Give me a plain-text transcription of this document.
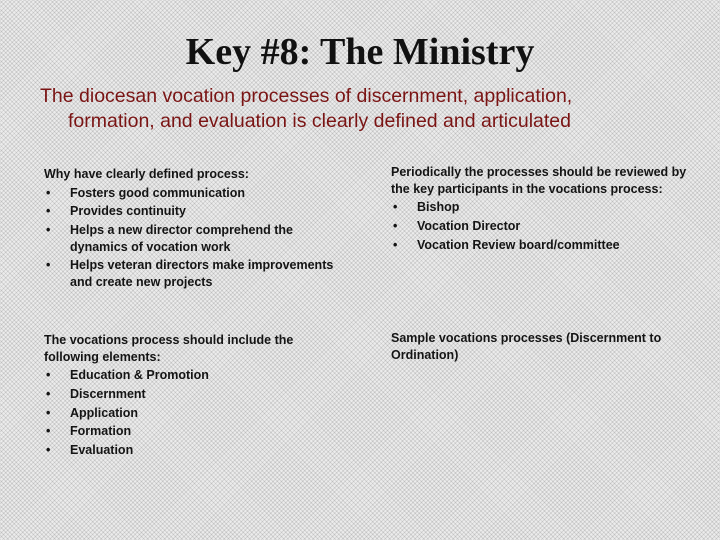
Key #8: The Ministry
The diocesan vocation processes of discernment, application,
formation, and evaluation is clearly defined and articulated

Why have clearly defined process:

• Fosters good communication
• Provides continuity
• Helps a new director comprehend the dynamics of vocation work
• Helps veteran directors make improvements and create new projects

Periodically the processes should be reviewed by the key participants in the vocations process:

• Bishop
• Vocation Director
• Vocation Review board/committee

The vocations process should include the following elements:

• Education & Promotion
• Discernment
• Application
• Formation
• Evaluation

Sample vocations processes (Discernment to Ordination)
